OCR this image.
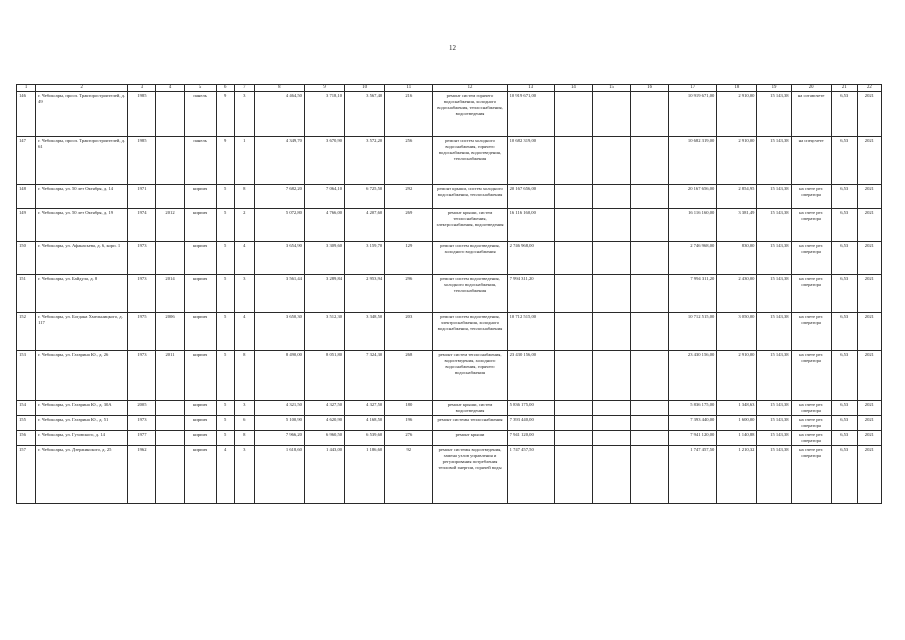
12
1	2	3	4	5	6	7	8	9	10	11	12	13	14	15	16	17	18	19	20	21	22
146	г. Чебоксары, просп. Тракторостроителей, д. 49	1985		панель	9	3	4 464,50	3 718,10	3 567,40	216	ремонт систем горячего водоснабжения, холодного водоснабжения, теплоснабжения, водоотведения	10 919 671,00				10 919 671,00	2 910,00	15 143,38	на сотавсчете	6,53	2021
147	г. Чебоксары, просп. Тракторостроителей, д. 61	1985		панель	9	1	4 349,70	3 670,90	3 572,20	256	ремонт систем холодного водоснабжения, горячего водоснабжения, водоотведения, теплоснабжения	10 682 319,00				10 682 319,00	2 910,00	15 143,38	на спецсчете	6,53	2021
148	г. Чебоксары, ул. 50 лет Октября, д. 14	1971		кирпич	5	8	7 682,20	7 064,10	6 725,50	292	ремонт крыши, систем холодного водоснабжения, теплоснабжения	20 167 656,00				20 167 656,00	2 854,95	15 143,38	на счете рег. оператора	6,53	2021
149	г. Чебоксары, ул. 50 лет Октября, д. 19	1974	2012	кирпич	5	2	5 072,80	4 766,00	4 207,60	269	ремонт крыши, систем теплоснабжения, электроснабжения, водоотведения	16 116 160,00				16 116 160,00	3 381,49	15 143,38	на счете рег. оператора	6,53	2021
150	г. Чебоксары, ул. Афанасьева, д. 6, корп. 1	1973		кирпич	5	4	3 654,90	3 309,60	3 159,70	129	ремонт систем водоотведения, холодного водоснабжения	2 746 968,00				2 746 968,00	830,00	15 143,38	на счете рег. оператора	6,53	2021
151	г. Чебоксары, ул. Байдула, д. 8	1973	2014	кирпич	5	3	3 561,44	3 289,84	2 953,94	296	ремонт систем водоотведения, холодного водоснабжения, теплоснабжения	7 994 311,20				7 994 311,20	2 430,00	15 143,38	на счете рег. оператора	6,53	2021
152	г. Чебоксары, ул. Богдана Хмельницкого, д. 117	1975	2006	кирпич	5	4	3 650,30	3 512,30	3 348,50	203	ремонт систем водоотведения, электроснабжения, холодного водоснабжения, теплоснабжения	10 712 515,00				10 712 515,00	3 050,00	15 143,38	на счете рег. оператора	6,53	2021
153	г. Чебоксары, ул. Гагарина Ю., д. 26	1973	2011	кирпич	5	8	8 490,00	8 051,80	7 324,30	268	ремонт систем теплоснабжения, водоотведения, холодного водоснабжения, горячего водоснабжения	23 430 156,00				23 430 156,00	2 910,00	15 143,38	на счете рег. оператора	6,53	2021
154	г. Чебоксары, ул. Гагарина Ю., д. 30А	2005		кирпич	5	3	4 321,50	4 327,50	4 327,50	180	ремонт крыши, систем водоотведения	5 836 175,00				5 836 175,00	1 348,63	15 143,38	на счете рег. оператора	6,53	2021
155	г. Чебоксары, ул. Гагарина Ю., д. 51	1973		кирпич	5	6	5 100,90	4 620,90	4 168,50	196	ремонт системы теплоснабжения	7 393 440,00				7 393 440,00	1 600,00	15 143,38	на счете рег. оператора	6,53	2021
156	г. Чебоксары, ул. Гузовского, д. 14	1977		кирпич	5	8	7 966,20	6 960,50	6 539,60	276	ремонт крыши	7 941 120,00				7 941 120,00	1 140,88	15 143,38	на счете рег. оператора	6,53	2021
157	г. Чебоксары, ул. Дзержинского, д. 25	1962		кирпич	4	3	1 618,60	1 443,00	1 186,60	92	ремонт системы водоотведения, замена узлов управления и регулирования потребления тепловой энергии, горячей воды	1 747 457,50				1 747 457,50	1 210,32	15 143,38	на счете рег. оператора	6,53	2021
